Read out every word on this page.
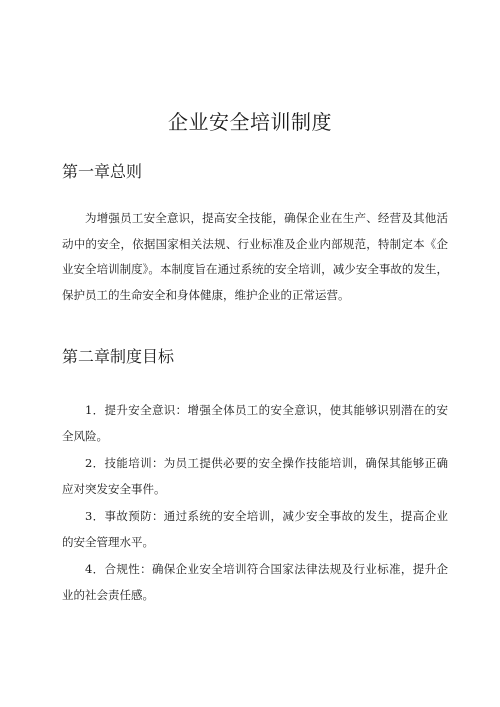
企业安全培训制度
第一章总则

为增强员工安全意识，提高安全技能，确保企业在生产、经营及其他活动中的安全，依据国家相关法规、行业标准及企业内部规范，特制定本《企业安全培训制度》。本制度旨在通过系统的安全培训，减少安全事故的发生，保护员工的生命安全和身体健康，维护企业的正常运营。

第二章制度目标

1．提升安全意识：增强全体员工的安全意识，使其能够识别潜在的安全风险。

2．技能培训：为员工提供必要的安全操作技能培训，确保其能够正确应对突发安全事件。

3．事故预防：通过系统的安全培训，减少安全事故的发生，提高企业的安全管理水平。

4．合规性：确保企业安全培训符合国家法律法规及行业标准，提升企业的社会责任感。
